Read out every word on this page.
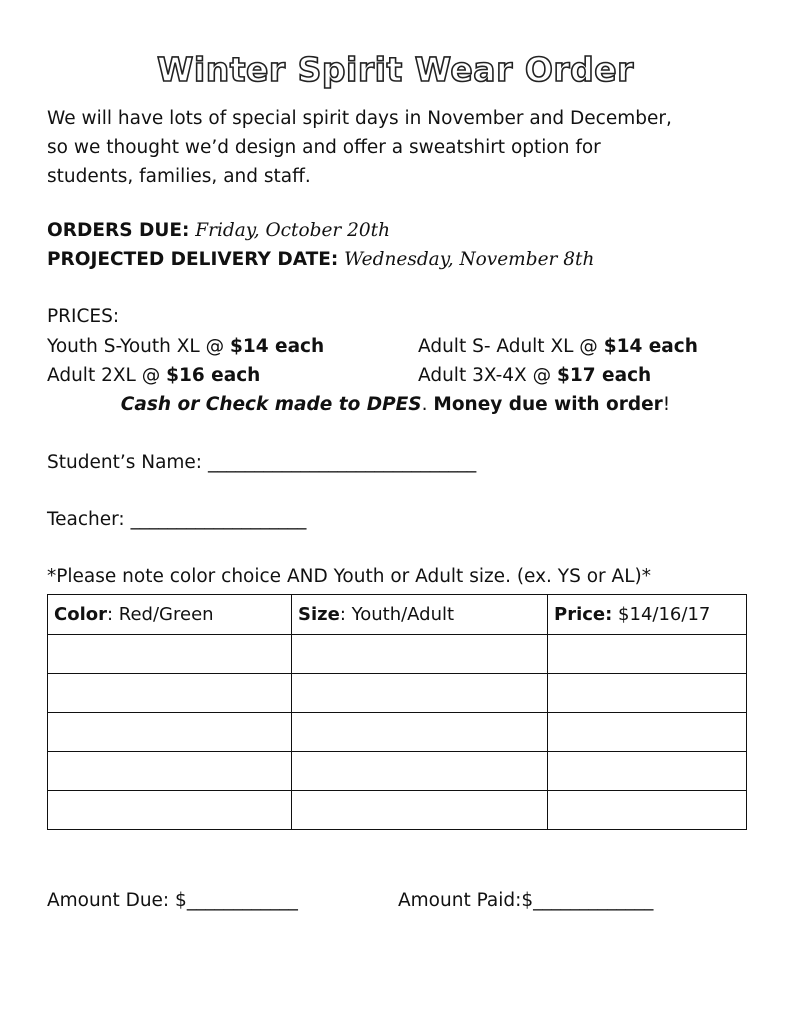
Winter Spirit Wear Order
We will have lots of special spirit days in November and December,
so we thought we’d design and offer a sweatshirt option for
students, families, and staff.
ORDERS DUE: Friday, October 20th
PROJECTED DELIVERY DATE: Wednesday, November 8th
PRICES:
Youth S-Youth XL @ $14 each	Adult S- Adult XL @ $14 each
Adult 2XL @ $16 each	Adult 3X-4X @ $17 each
Cash or Check made to DPES. Money due with order!
Student’s Name: _____________________________
Teacher: ___________________
*Please note color choice AND Youth or Adult size. (ex. YS or AL)*
Color: Red/Green	Size: Youth/Adult	Price: $14/16/17

Amount Due: $____________	Amount Paid:$_____________
